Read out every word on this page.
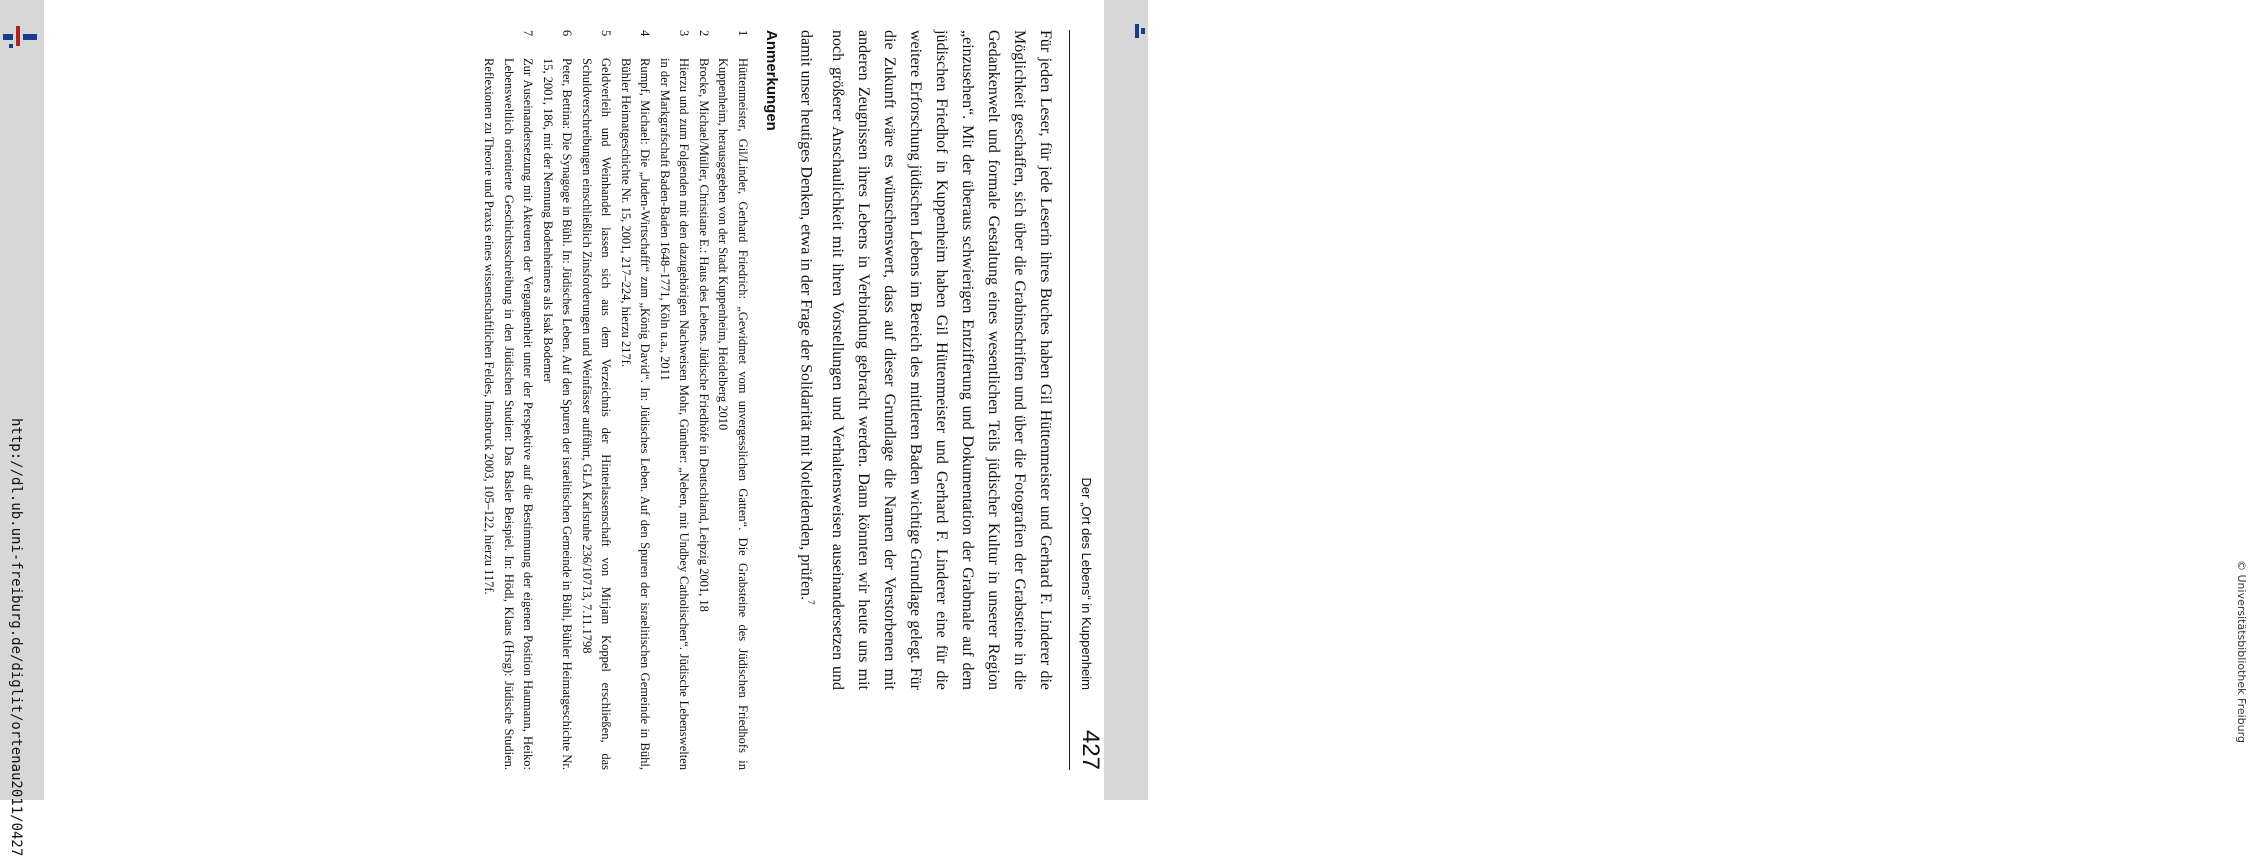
http://dl.ub.uni-freiburg.de/diglit/ortenau2011/0427	© Universitätsbibliothek Freiburg
Der „Ort des Lebens“ in Kuppenheim
427

Für jeden Leser, für jede Leserin ihres Buches haben Gil Hüttenmeister und Gerhard F. Linderer die Möglichkeit geschaffen, sich über die Grabinschriften und über die Fotografien der Grabsteine in die Gedankenwelt und formale Gestaltung eines wesentlichen Teils jüdischer Kultur in unserer Region „einzusehen“. Mit der überaus schwierigen Entzifferung und Dokumentation der Grabmale auf dem jüdischen Friedhof in Kuppenheim haben Gil Hüttenmeister und Gerhard F. Linderer eine für die weitere Erforschung jüdischen Lebens im Bereich des mittleren Baden wichtige Grundlage gelegt. Für die Zukunft wäre es wünschenswert, dass auf dieser Grundlage die Namen der Verstorbenen mit anderen Zeugnissen ihres Lebens in Verbindung gebracht werden. Dann könnten wir heute uns mit noch größerer Anschaulichkeit mit ihren Vorstellungen und Verhaltensweisen auseinandersetzen und damit unser heutiges Denken, etwa in der Frage der Solidarität mit Notleidenden, prüfen.$^7$

Anmerkungen
1
Hüttenmeister, Gil/Linder, Gerhard Friedrich: „Gewidmet vom unvergesslichen Gatten“. Die Grabsteine des Jüdischen Friedhofs in Kuppenheim, herausgegeben von der Stadt Kuppenheim, Heidelberg 2010
2
Brocke, Michael/Müller, Christiane E.: Haus des Lebens. Jüdische Friedhöfe in Deutschland, Leipzig 2001, 18
3
Hierzu und zum Folgenden mit den dazugehörigen Nachweisen Mohr, Günther: „Neben, mit Undbey Catholischen“. Jüdische Lebenswelten in der Markgrafschaft Baden-Baden 1648–1771, Köln u.a., 2011
4
Rumpf, Michael: Die „Juden-Wirtschafft“ zum „König David“. In: Jüdisches Leben. Auf den Spuren der israelitischen Gemeinde in Bühl, Bühler Heimatgeschichte Nr. 15, 2001, 217–224, hierzu 217f.
5
Geldverleih und Weinhandel lassen sich aus dem Verzeichnis der Hinterlassenschaft von Mirjam Koppel erschließen, das Schuldverschreibungen einschließlich Zinsforderungen und Weinfässer aufführt, GLA Karlsruhe 236/10713, 7.11.1798
6
Peter, Bettina: Die Synagoge in Bühl. In: Jüdisches Leben. Auf den Spuren der israelitischen Gemeinde in Bühl, Bühler Heimatgeschichte Nr. 15, 2001, 186, mit der Nennung Bodenheimers als Isak Bodemer
7
Zur Auseinandersetzung mit Akteuren der Vergangenheit unter der Perspektive auf die Bestimmung der eigenen Position Haumann, Heiko: Lebensweltlich orientierte Geschichtsschreibung in den Jüdischen Studien: Das Basler Beispiel. In: Hödl, Klaus (Hrsg): Jüdische Studien. Reflexionen zu Theorie und Praxis eines wissenschaftlichen Feldes, Innsbruck 2003, 105–122, hierzu 117f.
